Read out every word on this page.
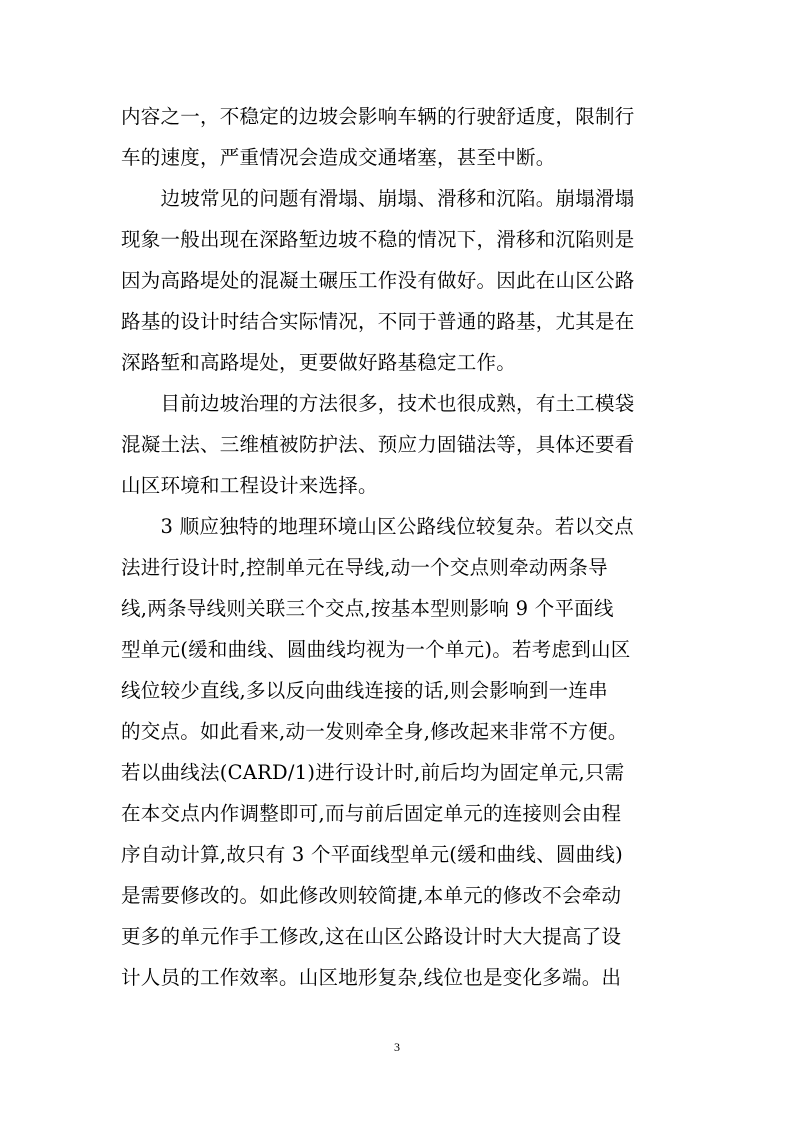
内容之一，不稳定的边坡会影响车辆的行驶舒适度，限制行
车的速度，严重情况会造成交通堵塞，甚至中断。
　　边坡常见的问题有滑塌、崩塌、滑移和沉陷。崩塌滑塌
现象一般出现在深路堑边坡不稳的情况下，滑移和沉陷则是
因为高路堤处的混凝土碾压工作没有做好。因此在山区公路
路基的设计时结合实际情况，不同于普通的路基，尤其是在
深路堑和高路堤处，更要做好路基稳定工作。
　　目前边坡治理的方法很多，技术也很成熟，有土工模袋
混凝土法、三维植被防护法、预应力固锚法等，具体还要看
山区环境和工程设计来选择。
　　3 顺应独特的地理环境山区公路线位较复杂。若以交点
法进行设计时,控制单元在导线,动一个交点则牵动两条导
线,两条导线则关联三个交点,按基本型则影响 9 个平面线
型单元(缓和曲线、圆曲线均视为一个单元)。若考虑到山区
线位较少直线,多以反向曲线连接的话,则会影响到一连串
的交点。如此看来,动一发则牵全身,修改起来非常不方便。
若以曲线法(CARD/1)进行设计时,前后均为固定单元,只需
在本交点内作调整即可,而与前后固定单元的连接则会由程
序自动计算,故只有 3 个平面线型单元(缓和曲线、圆曲线)
是需要修改的。如此修改则较简捷,本单元的修改不会牵动
更多的单元作手工修改,这在山区公路设计时大大提高了设
计人员的工作效率。山区地形复杂,线位也是变化多端。出
3
